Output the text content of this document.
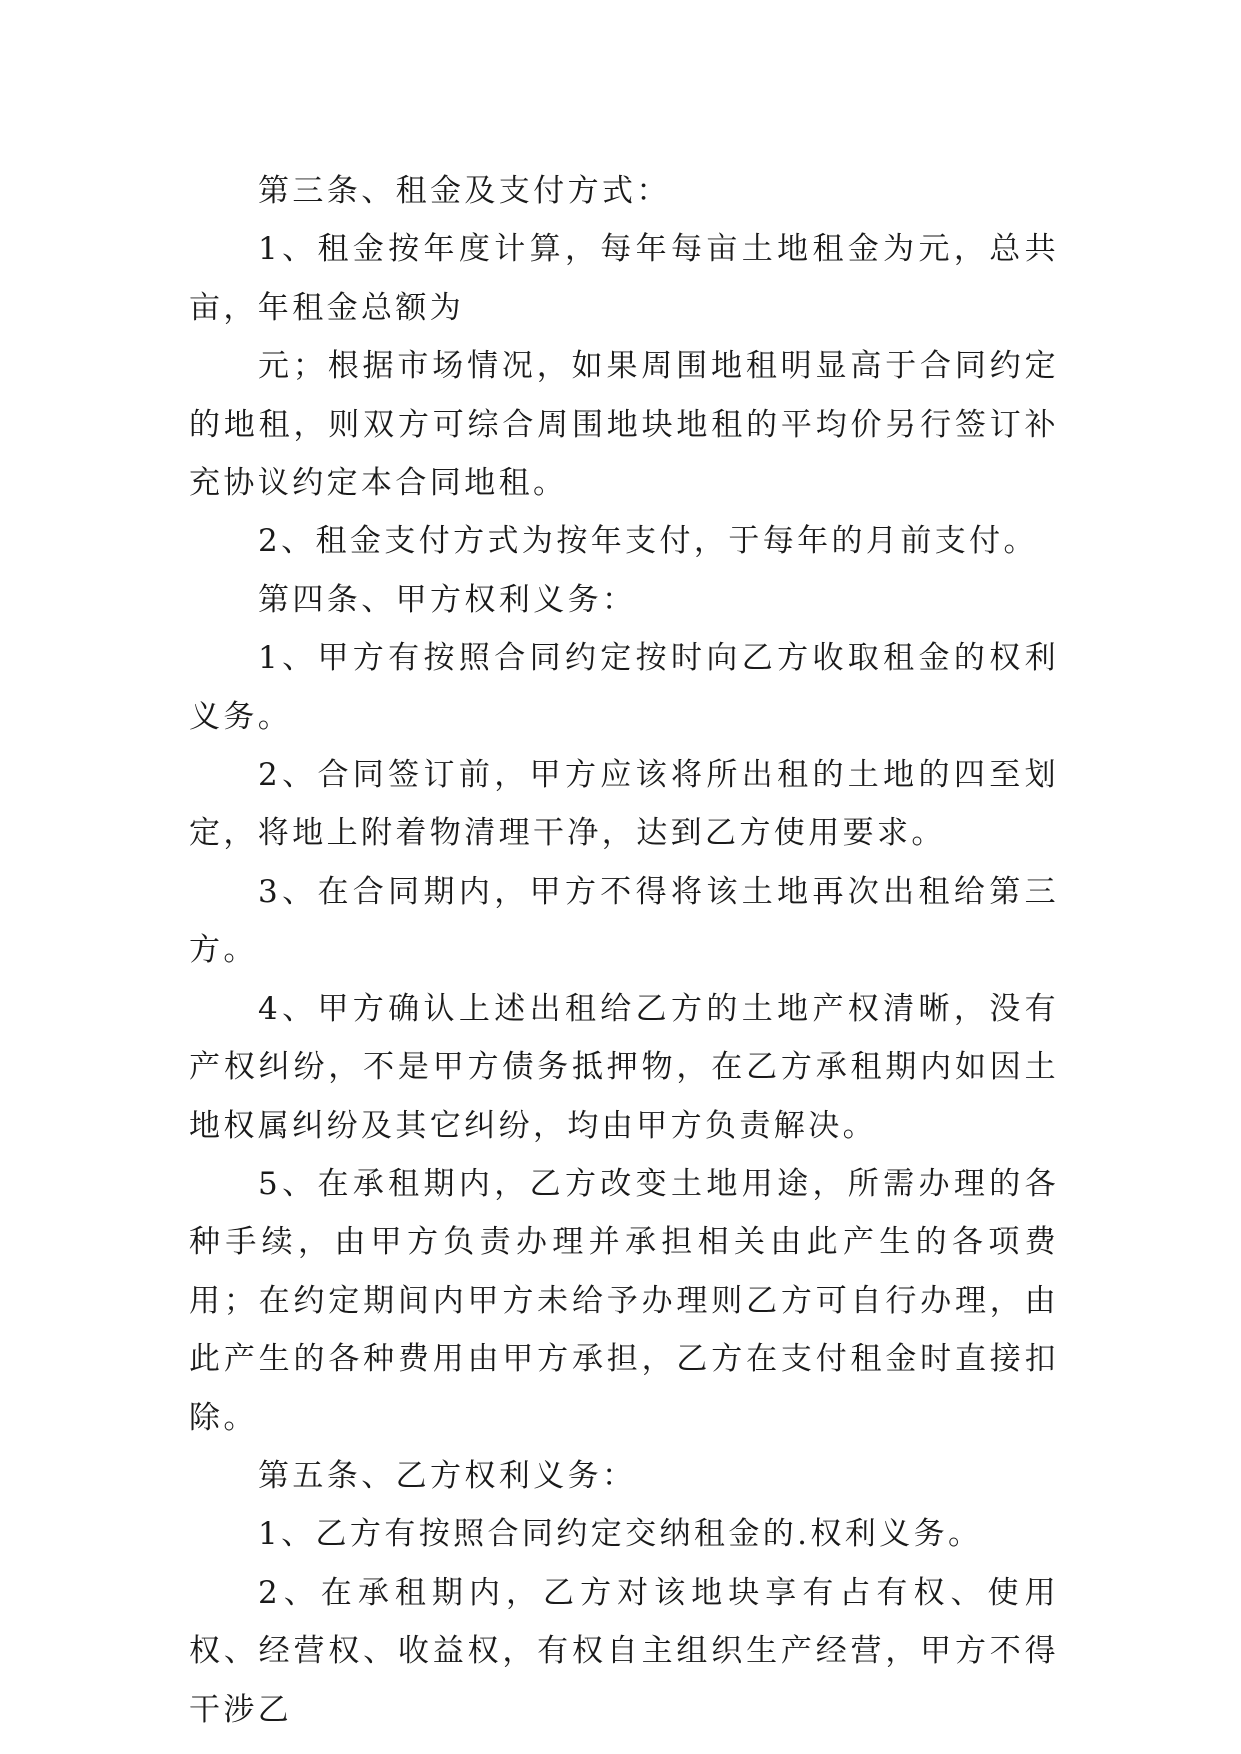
第三条、租金及支付方式：

1、租金按年度计算，每年每亩土地租金为元，总共亩，年租金总额为

元；根据市场情况，如果周围地租明显高于合同约定的地租，则双方可综合周围地块地租的平均价另行签订补充协议约定本合同地租。

2、租金支付方式为按年支付，于每年的月前支付。

第四条、甲方权利义务：

1、甲方有按照合同约定按时向乙方收取租金的权利义务。

2、合同签订前，甲方应该将所出租的土地的四至划定，将地上附着物清理干净，达到乙方使用要求。

3、在合同期内，甲方不得将该土地再次出租给第三方。

4、甲方确认上述出租给乙方的土地产权清晰，没有产权纠纷，不是甲方债务抵押物，在乙方承租期内如因土地权属纠纷及其它纠纷，均由甲方负责解决。

5、在承租期内，乙方改变土地用途，所需办理的各种手续，由甲方负责办理并承担相关由此产生的各项费用；在约定期间内甲方未给予办理则乙方可自行办理，由此产生的各种费用由甲方承担，乙方在支付租金时直接扣除。

第五条、乙方权利义务：

1、乙方有按照合同约定交纳租金的.权利义务。

2、在承租期内，乙方对该地块享有占有权、使用权、经营权、收益权，有权自主组织生产经营，甲方不得干涉乙
